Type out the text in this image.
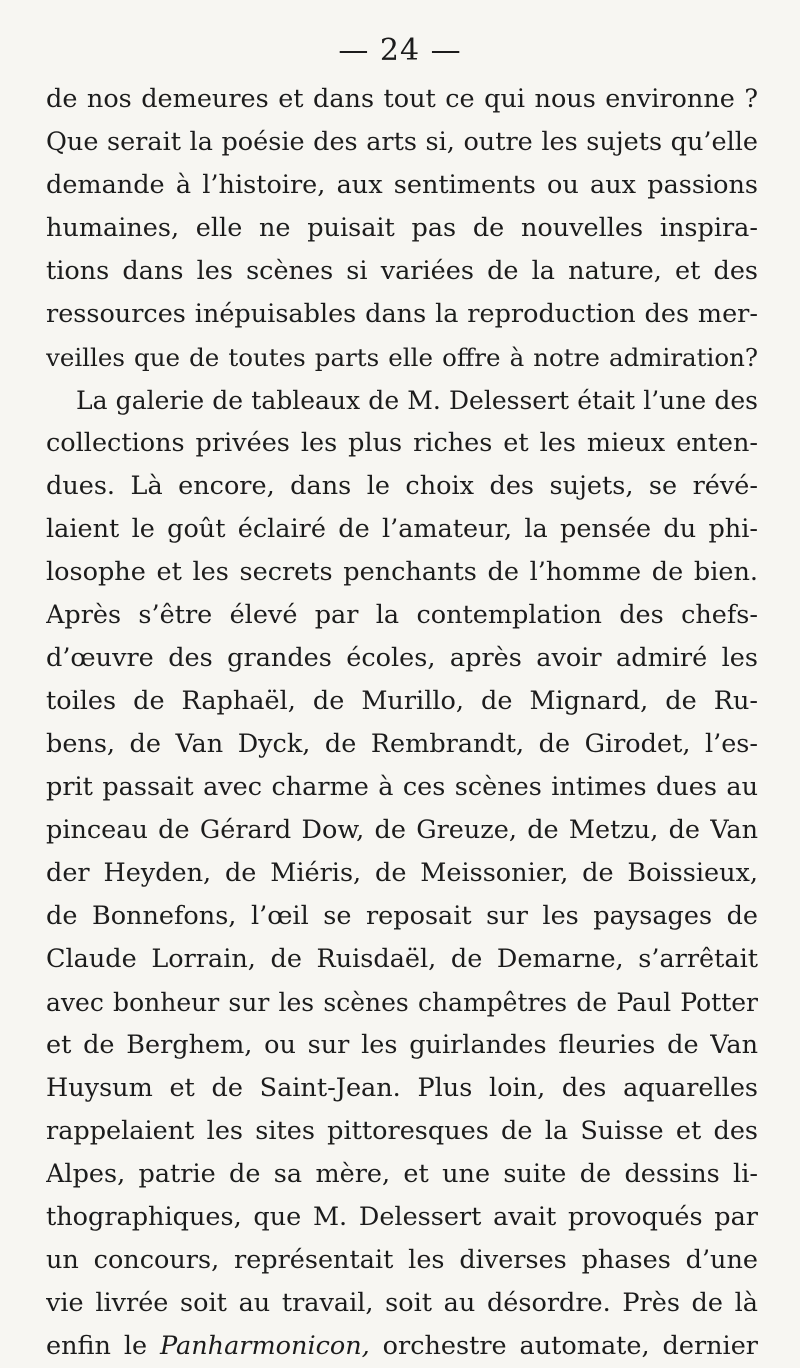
— 24 —
de nos demeures et dans tout ce qui nous environne ?
Que serait la poésie des arts si, outre les sujets qu’elle
demande à l’histoire, aux sentiments ou aux passions
humaines, elle ne puisait pas de nouvelles inspira-
tions dans les scènes si variées de la nature, et des
ressources inépuisables dans la reproduction des mer-
veilles que de toutes parts elle offre à notre admiration?
La galerie de tableaux de M. Delessert était l’une des
collections privées les plus riches et les mieux enten-
dues. Là encore, dans le choix des sujets, se révé-
laient le goût éclairé de l’amateur, la pensée du phi-
losophe et les secrets penchants de l’homme de bien.
Après s’être élevé par la contemplation des chefs-
d’œuvre des grandes écoles, après avoir admiré les
toiles de Raphaël, de Murillo, de Mignard, de Ru-
bens, de Van Dyck, de Rembrandt, de Girodet, l’es-
prit passait avec charme à ces scènes intimes dues au
pinceau de Gérard Dow, de Greuze, de Metzu, de Van
der Heyden, de Miéris, de Meissonier, de Boissieux,
de Bonnefons, l’œil se reposait sur les paysages de
Claude Lorrain, de Ruisdaël, de Demarne, s’arrêtait
avec bonheur sur les scènes champêtres de Paul Potter
et de Berghem, ou sur les guirlandes fleuries de Van
Huysum et de Saint-Jean. Plus loin, des aquarelles
rappelaient les sites pittoresques de la Suisse et des
Alpes, patrie de sa mère, et une suite de dessins li-
thographiques, que M. Delessert avait provoqués par
un concours, représentait les diverses phases d’une
vie livrée soit au travail, soit au désordre. Près de là
enfin le Panharmonicon, orchestre automate, dernier
